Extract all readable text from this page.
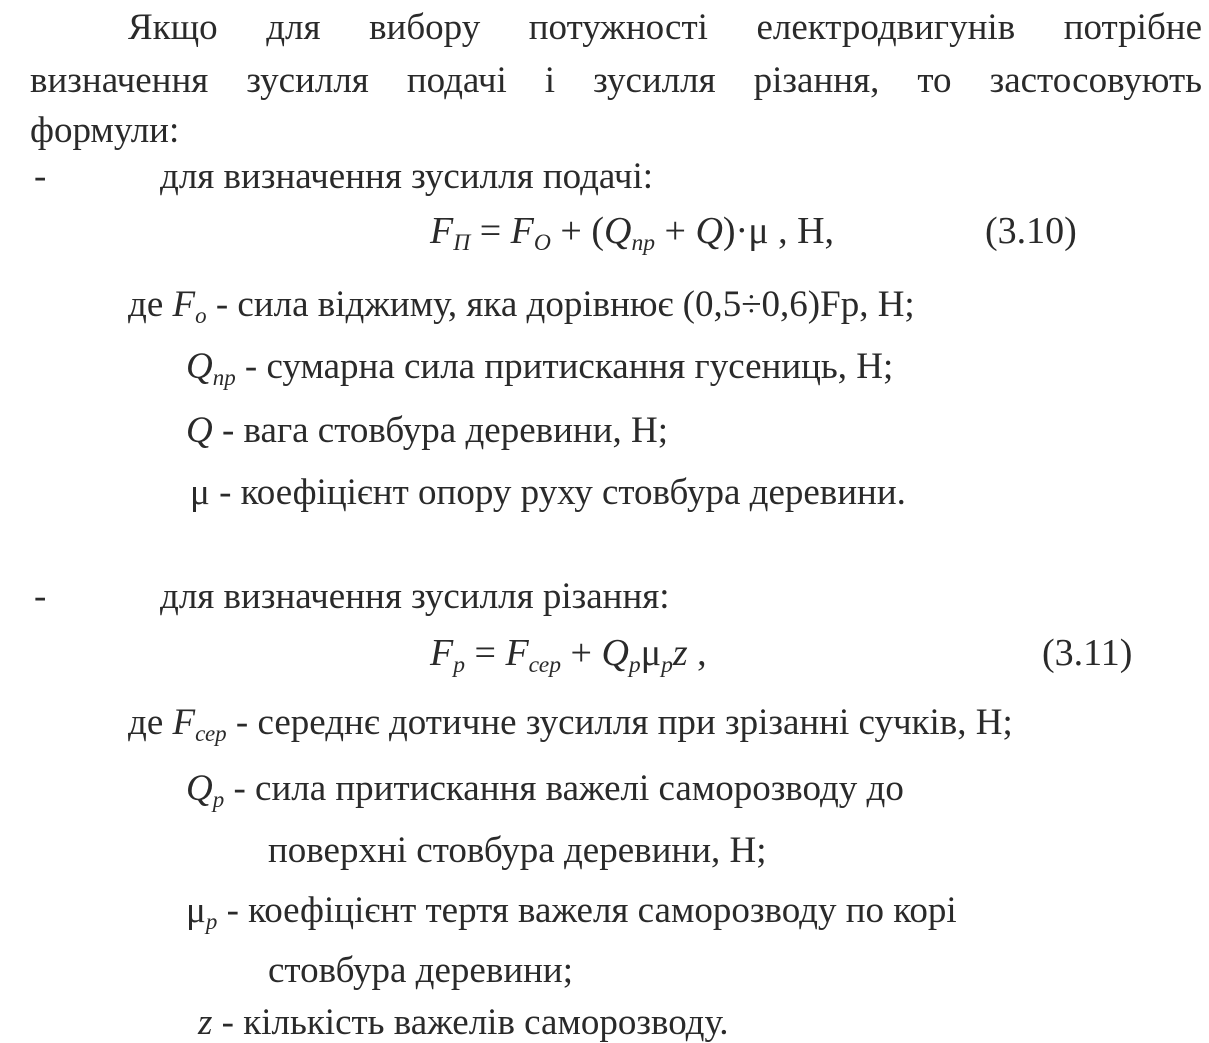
Якщо для вибору потужності електродвигунів потрібне
визначення зусилля подачі і зусилля різання, то застосовують
формули:
-	для визначення зусилля подачі:
$F_П = F_O + (Q_{пр} + Q)\cdot\mu$ , Н,	(3.10)
де $F_o$ - сила віджиму, яка дорівнює (0,5÷0,6)Fр, Н;
$Q_{пр}$ - сумарна сила притискання гусениць, Н;
Q - вага стовбура деревини, Н;
μ - коефіцієнт опору руху стовбура деревини.
-	для визначення зусилля різання:
$F_р = F_{сер} + Q_р\mu_рz$ ,	(3.11)
де $F_{сер}$ - середнє дотичне зусилля при зрізанні сучків, Н;
$Q_р$ - сила притискання важелі саморозводу до
поверхні стовбура деревини, Н;
$\mu_р$ - коефіцієнт тертя важеля саморозводу по корі
стовбура деревини;
z - кількість важелів саморозводу.
